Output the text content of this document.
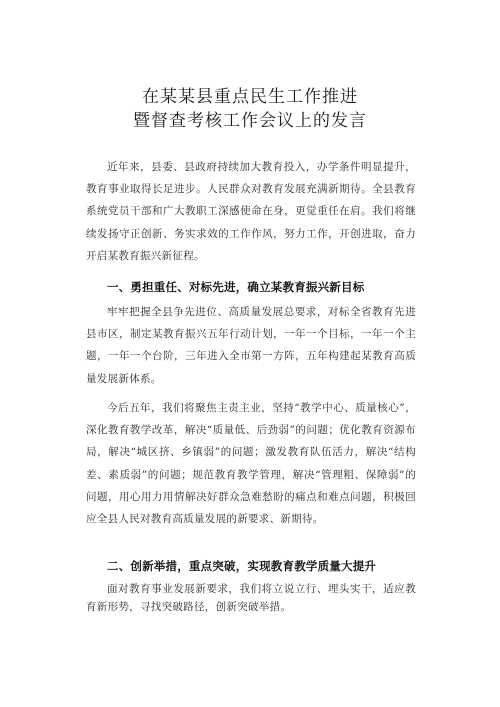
在某某县重点民生工作推进
暨督查考核工作会议上的发言
近年来，县委、县政府持续加大教育投入，办学条件明显提升，教育事业取得长足进步。人民群众对教育发展充满新期待。全县教育系统党员干部和广大教职工深感使命在身，更觉重任在肩。我们将继续发扬守正创新、务实求效的工作作风，努力工作，开创进取，奋力开启某教育振兴新征程。
一、勇担重任、对标先进，确立某教育振兴新目标
牢牢把握全县争先进位、高质量发展总要求，对标全省教育先进县市区，制定某教育振兴五年行动计划，一年一个目标，一年一个主题，一年一个台阶，三年进入全市第一方阵，五年构建起某教育高质量发展新体系。
今后五年，我们将聚焦主责主业，坚持“教学中心、质量核心”，深化教育教学改革，解决“质量低、后劲弱”的问题；优化教育资源布局，解决“城区挤、乡镇弱”的问题；激发教育队伍活力，解决“结构差、素质弱”的问题；规范教育教学管理，解决“管理粗、保障弱”的问题，用心用力用情解决好群众急难愁盼的痛点和难点问题，积极回应全县人民对教育高质量发展的新要求、新期待。
二、创新举措，重点突破，实现教育教学质量大提升
面对教育事业发展新要求，我们将立说立行、埋头实干，适应教育新形势，寻找突破路径，创新突破举措。
